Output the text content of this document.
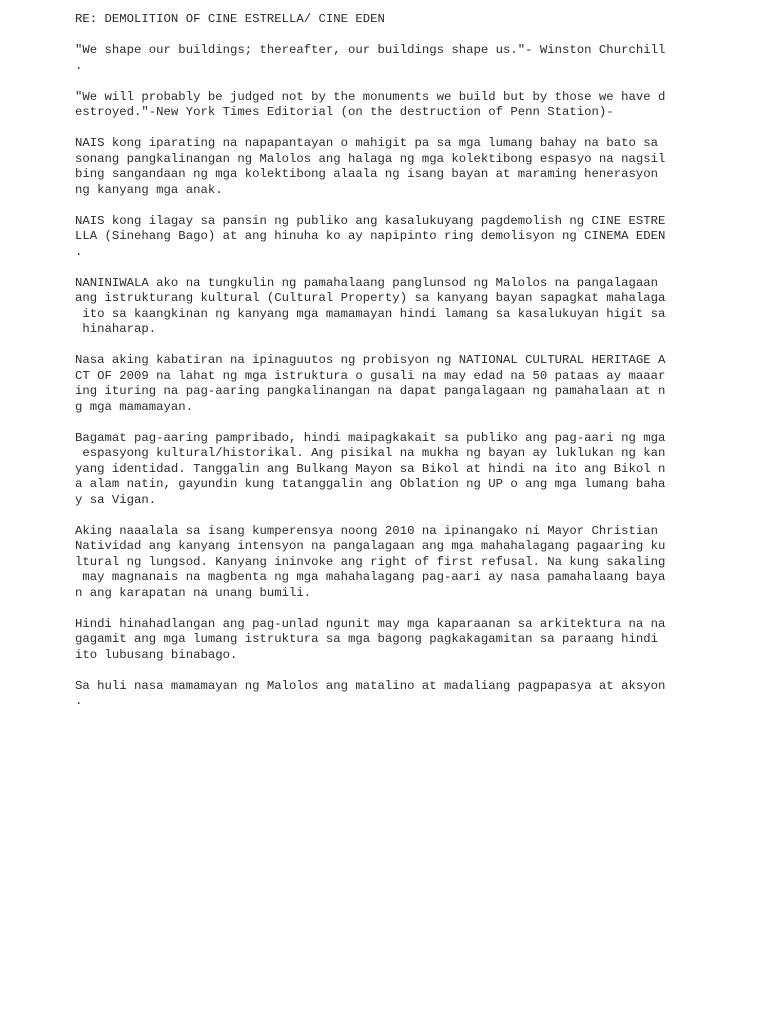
RE: DEMOLITION OF CINE ESTRELLA/ CINE EDEN
"We shape our buildings; thereafter, our buildings shape us."- Winston Churchill
.
"We will probably be judged not by the monuments we build but by those we have d
estroyed."-New York Times Editorial (on the destruction of Penn Station)-
NAIS kong iparating na napapantayan o mahigit pa sa mga lumang bahay na bato sa
sonang pangkalinangan ng Malolos ang halaga ng mga kolektibong espasyo na nagsil
bing sangandaan ng mga kolektibong alaala ng isang bayan at maraming henerasyon
ng kanyang mga anak.
NAIS kong ilagay sa pansin ng publiko ang kasalukuyang pagdemolish ng CINE ESTRE
LLA (Sinehang Bago) at ang hinuha ko ay napipinto ring demolisyon ng CINEMA EDEN
.
NANINIWALA ako na tungkulin ng pamahalaang panglunsod ng Malolos na pangalagaan
ang istrukturang kultural (Cultural Property) sa kanyang bayan sapagkat mahalaga
ito sa kaangkinan ng kanyang mga mamamayan hindi lamang sa kasalukuyan higit sa
hinaharap.
Nasa aking kabatiran na ipinaguutos ng probisyon ng NATIONAL CULTURAL HERITAGE A
CT OF 2009 na lahat ng mga istruktura o gusali na may edad na 50 pataas ay maaar
ing ituring na pag-aaring pangkalinangan na dapat pangalagaan ng pamahalaan at n
g mga mamamayan.
Bagamat pag-aaring pampribado, hindi maipagkakait sa publiko ang pag-aari ng mga
espasyong kultural/historikal. Ang pisikal na mukha ng bayan ay luklukan ng kan
yang identidad. Tanggalin ang Bulkang Mayon sa Bikol at hindi na ito ang Bikol n
a alam natin, gayundin kung tatanggalin ang Oblation ng UP o ang mga lumang baha
y sa Vigan.
Aking naaalala sa isang kumperensya noong 2010 na ipinangako ni Mayor Christian
Natividad ang kanyang intensyon na pangalagaan ang mga mahahalagang pagaaring ku
ltural ng lungsod. Kanyang ininvoke ang right of first refusal. Na kung sakaling
may magnanais na magbenta ng mga mahahalagang pag-aari ay nasa pamahalaang baya
n ang karapatan na unang bumili.
Hindi hinahadlangan ang pag-unlad ngunit may mga kaparaanan sa arkitektura na na
gagamit ang mga lumang istruktura sa mga bagong pagkakagamitan sa paraang hindi
ito lubusang binabago.
Sa huli nasa mamamayan ng Malolos ang matalino at madaliang pagpapasya at aksyon
.
